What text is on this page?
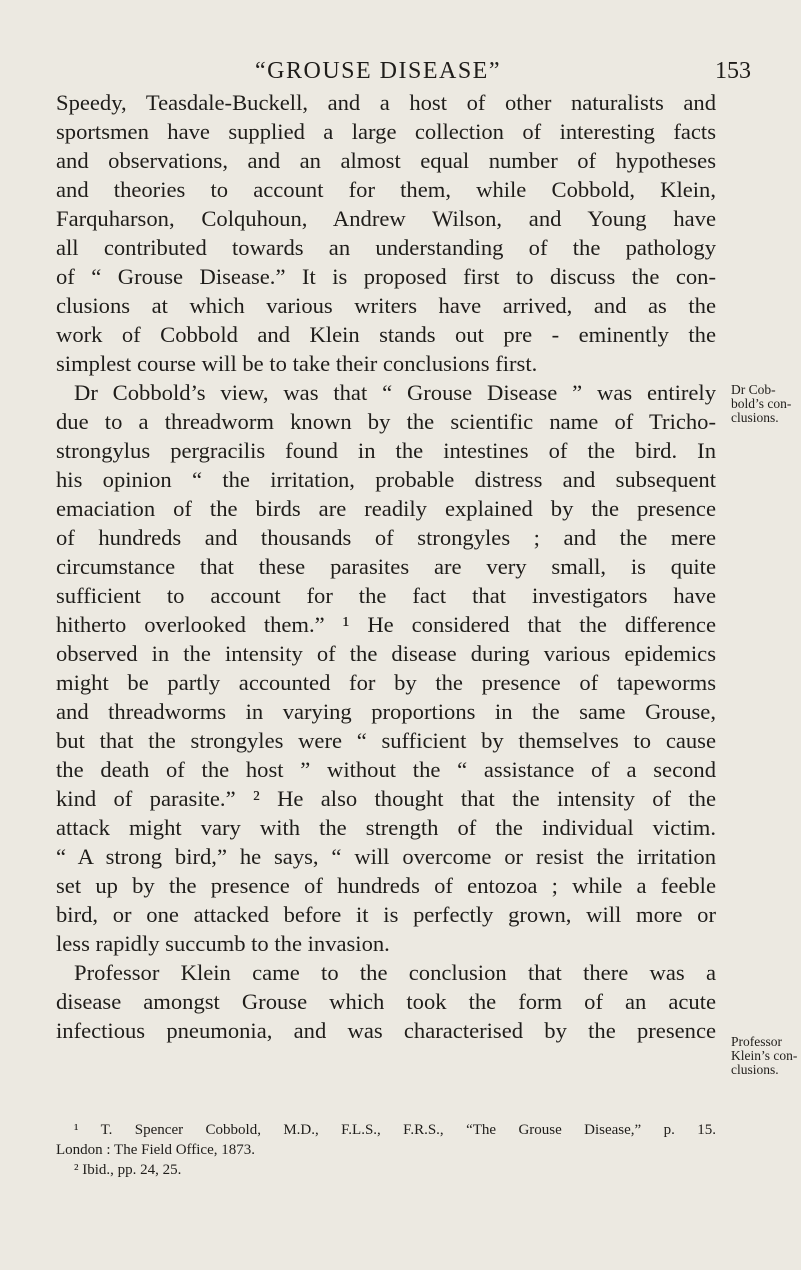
“GROUSE DISEASE”	153
Speedy, Teasdale-Buckell, and a host of other naturalists and
sportsmen have supplied a large collection of interesting facts
and observations, and an almost equal number of hypotheses
and theories to account for them, while Cobbold, Klein,
Farquharson, Colquhoun, Andrew Wilson, and Young have
all contributed towards an understanding of the pathology
of “ Grouse Disease.” It is proposed first to discuss the con-
clusions at which various writers have arrived, and as the
work of Cobbold and Klein stands out pre - eminently the
simplest course will be to take their conclusions first.
Dr Cobbold’s view, was that “ Grouse Disease ” was entirely
due to a threadworm known by the scientific name of Tricho-
strongylus pergracilis found in the intestines of the bird. In
his opinion “ the irritation, probable distress and subsequent
emaciation of the birds are readily explained by the presence
of hundreds and thousands of strongyles ; and the mere
circumstance that these parasites are very small, is quite
sufficient to account for the fact that investigators have
hitherto overlooked them.” ¹ He considered that the difference
observed in the intensity of the disease during various epidemics
might be partly accounted for by the presence of tapeworms
and threadworms in varying proportions in the same Grouse,
but that the strongyles were “ sufficient by themselves to cause
the death of the host ” without the “ assistance of a second
kind of parasite.” ² He also thought that the intensity of the
attack might vary with the strength of the individual victim.
“ A strong bird,” he says, “ will overcome or resist the irritation
set up by the presence of hundreds of entozoa ; while a feeble
bird, or one attacked before it is perfectly grown, will more or
less rapidly succumb to the invasion.
Professor Klein came to the conclusion that there was a
disease amongst Grouse which took the form of an acute
infectious pneumonia, and was characterised by the presence
Dr Cob-
bold’s con-
clusions.
Professor
Klein’s con-
clusions.
¹ T. Spencer Cobbold, M.D., F.L.S., F.R.S., “The Grouse Disease,” p. 15.
London : The Field Office, 1873.
² Ibid., pp. 24, 25.
